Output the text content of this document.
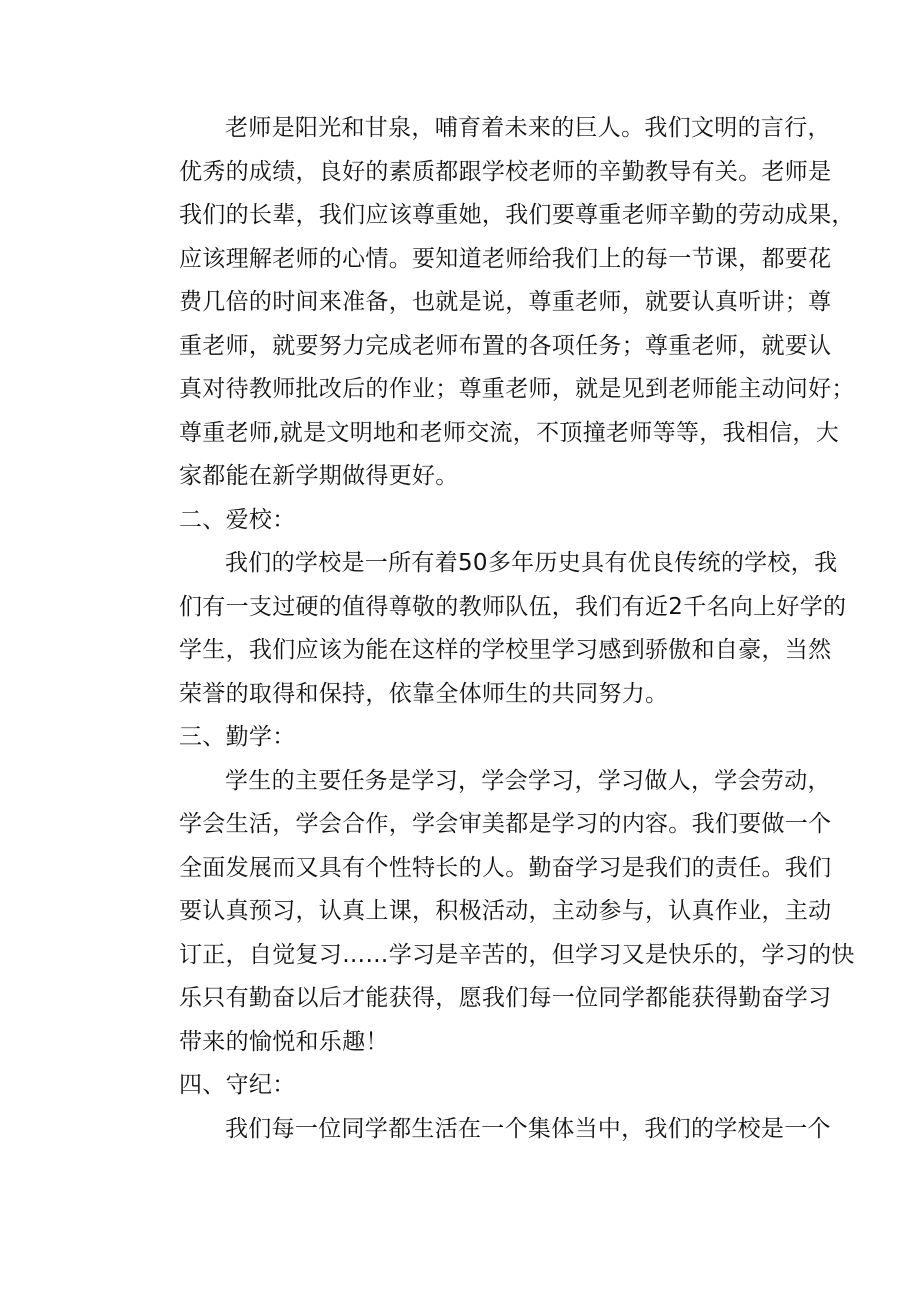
老师是阳光和甘泉，哺育着未来的巨人。我们文明的言行，
优秀的成绩，良好的素质都跟学校老师的辛勤教导有关。老师是
我们的长辈，我们应该尊重她，我们要尊重老师辛勤的劳动成果，
应该理解老师的心情。要知道老师给我们上的每一节课，都要花
费几倍的时间来准备，也就是说，尊重老师，就要认真听讲；尊
重老师，就要努力完成老师布置的各项任务；尊重老师，就要认
真对待教师批改后的作业；尊重老师，就是见到老师能主动问好；
尊重老师,就是文明地和老师交流，不顶撞老师等等，我相信，大
家都能在新学期做得更好。
二、爱校：
我们的学校是一所有着50多年历史具有优良传统的学校，我
们有一支过硬的值得尊敬的教师队伍，我们有近2千名向上好学的
学生，我们应该为能在这样的学校里学习感到骄傲和自豪，当然
荣誉的取得和保持，依靠全体师生的共同努力。
三、勤学：
学生的主要任务是学习，学会学习，学习做人，学会劳动，
学会生活，学会合作，学会审美都是学习的内容。我们要做一个
全面发展而又具有个性特长的人。勤奋学习是我们的责任。我们
要认真预习，认真上课，积极活动，主动参与，认真作业，主动
订正，自觉复习……学习是辛苦的，但学习又是快乐的，学习的快
乐只有勤奋以后才能获得，愿我们每一位同学都能获得勤奋学习
带来的愉悦和乐趣！
四、守纪：
我们每一位同学都生活在一个集体当中，我们的学校是一个
